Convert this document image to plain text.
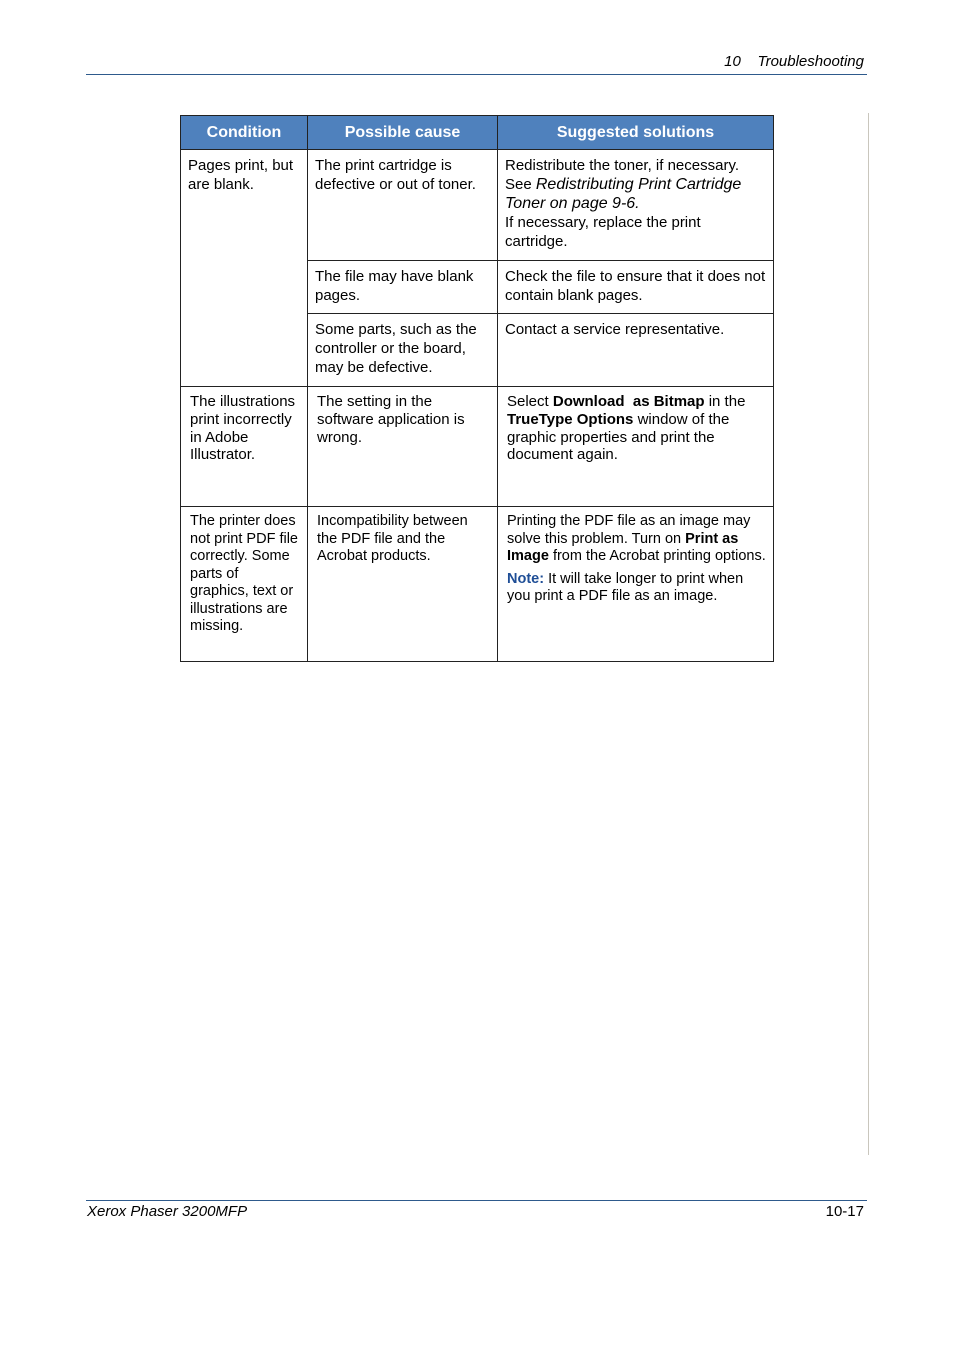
10 Troubleshooting
Condition	Possible cause	Suggested solutions
Pages print, but are blank.	The print cartridge is defective or out of toner.	Redistribute the toner, if necessary.

See Redistributing Print Cartridge Toner on page 9-6.
If necessary, replace the print cartridge.
	The file may have blank pages.	Check the file to ensure that it does not contain blank pages.
	Some parts, such as the controller or the board, may be defective.	Contact a service representative.
The illustrations print incorrectly in Adobe Illustrator.	The setting in the software application is wrong.	Select Download  as Bitmap in the TrueType Options window of the graphic properties and print the document again.
The printer does not print PDF file correctly. Some parts of graphics, text or illustrations are missing.	Incompatibility between the PDF file and the Acrobat products.	Printing the PDF file as an image may solve this problem. Turn on Print as Image from the Acrobat printing options.
Note: It will take longer to print when you print a PDF file as an image.
Xerox Phaser 3200MFP	10-17
